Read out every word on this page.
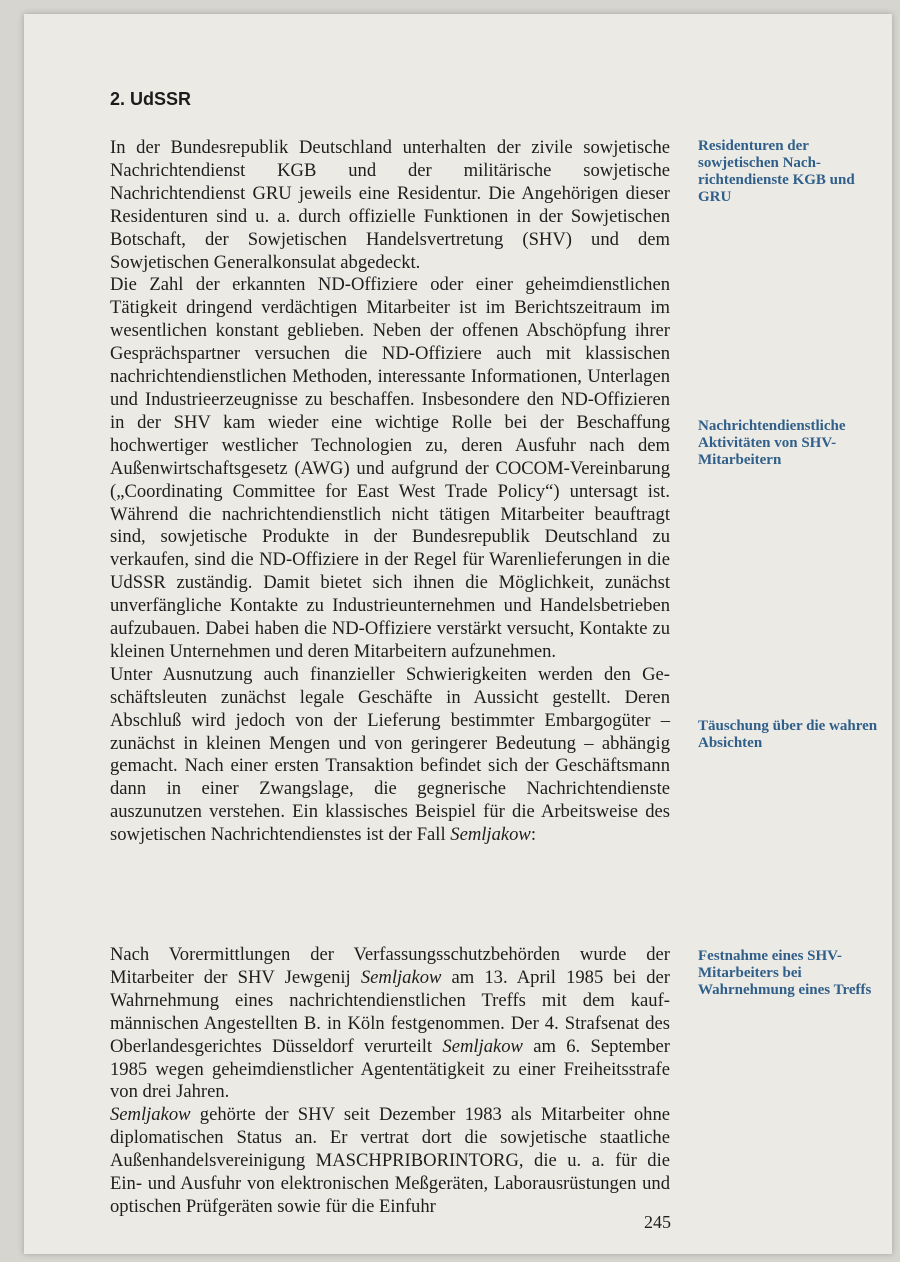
2. UdSSR

In der Bundesrepublik Deutschland unterhalten der zivile sowjetische Nachrichtendienst KGB und der militärische sowjetische Nachrichtendienst GRU jeweils eine Residentur. Die Angehörigen dieser Residenturen sind u. a. durch offizielle Funktionen in der Sowjetischen Botschaft, der Sowjetischen Handelsvertretung (SHV) und dem Sowjetischen Generalkonsulat abgedeckt.

Die Zahl der erkannten ND-Offiziere oder einer geheimdienstlichen Tätigkeit dringend verdächtigen Mitarbeiter ist im Berichtszeitraum im wesentlichen konstant geblieben. Neben der offenen Abschöpfung ihrer Gesprächspartner versuchen die ND-Offiziere auch mit klassischen nachrichtendienstlichen Methoden, interessante Informationen, Unterlagen und Industrieerzeugnisse zu beschaffen. Insbesondere den ND-Offizieren in der SHV kam wieder eine wichtige Rolle bei der Beschaffung hochwertiger westlicher Technologien zu, deren Ausfuhr nach dem Außenwirtschaftsgesetz (AWG) und aufgrund der COCOM-Vereinbarung („Coordinating Committee for East West Trade Policy“) untersagt ist. Während die nachrichtendienstlich nicht tätigen Mitarbeiter beauftragt sind, sowjetische Produkte in der Bundesrepublik Deutschland zu verkaufen, sind die ND-Offiziere in der Regel für Warenlieferungen in die UdSSR zuständig. Damit bietet sich ihnen die Möglichkeit, zunächst unverfängliche Kontakte zu Industrieunternehmen und Handelsbetrieben aufzubauen. Dabei haben die ND-Offiziere verstärkt versucht, Kontakte zu kleinen Unternehmen und deren Mitarbeitern aufzunehmen.

Unter Ausnutzung auch finanzieller Schwierigkeiten werden den Geschäftsleuten zunächst legale Geschäfte in Aussicht gestellt. Deren Abschluß wird jedoch von der Lieferung bestimmter Embargogüter – zunächst in kleinen Mengen und von geringerer Bedeutung – abhängig gemacht. Nach einer ersten Transaktion befindet sich der Geschäftsmann dann in einer Zwangslage, die gegnerische Nachrichtendienste auszunutzen verstehen. Ein klassisches Beispiel für die Arbeitsweise des sowjetischen Nachrichtendienstes ist der Fall Semljakow:

Nach Vorermittlungen der Verfassungsschutzbehörden wurde der Mitarbeiter der SHV Jewgenij Semljakow am 13. April 1985 bei der Wahrnehmung eines nachrichtendienstlichen Treffs mit dem kaufmännischen Angestellten B. in Köln festgenommen. Der 4. Strafsenat des Oberlandesgerichtes Düsseldorf verurteilt Semljakow am 6. September 1985 wegen geheimdienstlicher Agententätigkeit zu einer Freiheitsstrafe von drei Jahren.

Semljakow gehörte der SHV seit Dezember 1983 als Mitarbeiter ohne diplomatischen Status an. Er vertrat dort die sowjetische staatliche Außenhandelsvereinigung MASCHPRIBORINTORG, die u. a. für die Ein- und Ausfuhr von elektronischen Meßgeräten, Laborausrüstungen und optischen Prüfgeräten sowie für die Einfuhr

Residenturen der sowjetischen Nachrichtendienste KGB und GRU
Nachrichtendienstliche Aktivitäten von SHV-Mitarbeitern
Täuschung über die wahren Absichten
Festnahme eines SHV-Mitarbeiters bei Wahrnehmung eines Treffs
245
